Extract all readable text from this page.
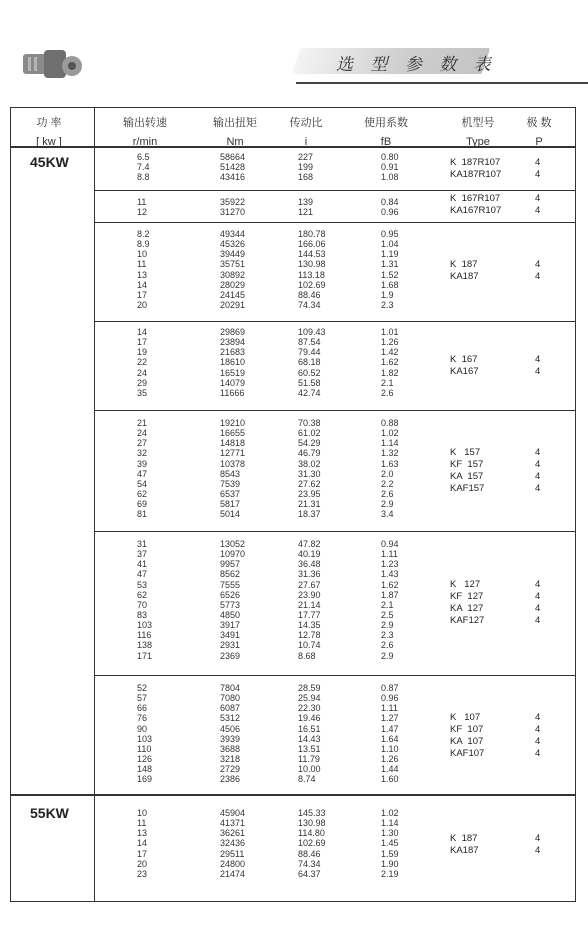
选 型 参 数 表
功 率
[ kw ]
输出转速
r/min
输出扭矩
Nm
传动比
i
使用系数
fB
机型号
Type
极 数
P
45KW
55KW
6.5
7.4
8.8
58664
51428
43416
227
199
168
0.80
0.91
1.08
K  187R107
KA187R107
4
4
11
12
35922
31270
139
121
0.84
0.96
K  167R107
KA167R107
4
4
8.2
8.9
10
11
13
14
17
20
49344
45326
39449
35751
30892
28029
24145
20291
180.78
166.06
144.53
130.98
113.18
102.69
88.46
74.34
0.95
1.04
1.19
1.31
1.52
1.68
1.9
2.3
K  187
KA187
4
4
14
17
19
22
24
29
35
29869
23894
21683
18610
16519
14079
11666
109.43
87.54
79.44
68.18
60.52
51.58
42.74
1.01
1.26
1.42
1.62
1.82
2.1
2.6
K  167
KA167
4
4
21
24
27
32
39
47
54
62
69
81
19210
16655
14818
12771
10378
8543
7539
6537
5817
5014
70.38
61.02
54.29
46.79
38.02
31.30
27.62
23.95
21.31
18.37
0.88
1.02
1.14
1.32
1.63
2.0
2.2
2.6
2.9
3.4
K   157
KF  157
KA  157
KAF157
4
4
4
4
31
37
41
47
53
62
70
83
103
116
138
171
13052
10970
9957
8562
7555
6526
5773
4850
3917
3491
2931
2369
47.82
40.19
36.48
31.36
27.67
23.90
21.14
17.77
14.35
12.78
10.74
8.68
0.94
1.11
1.23
1.43
1.62
1.87
2.1
2.5
2.9
2.3
2.6
2.9
K   127
KF  127
KA  127
KAF127
4
4
4
4
52
57
66
76
90
103
110
126
148
169
7804
7080
6087
5312
4506
3939
3688
3218
2729
2386
28.59
25.94
22.30
19.46
16.51
14.43
13.51
11.79
10.00
8.74
0.87
0.96
1.11
1.27
1.47
1.64
1.10
1.26
1.44
1.60
K   107
KF  107
KA  107
KAF107
4
4
4
4
10
11
13
14
17
20
23
45904
41371
36261
32436
29511
24800
21474
145.33
130.98
114.80
102.69
88.46
74.34
64.37
1.02
1.14
1.30
1.45
1.59
1.90
2.19
K  187
KA187
4
4
